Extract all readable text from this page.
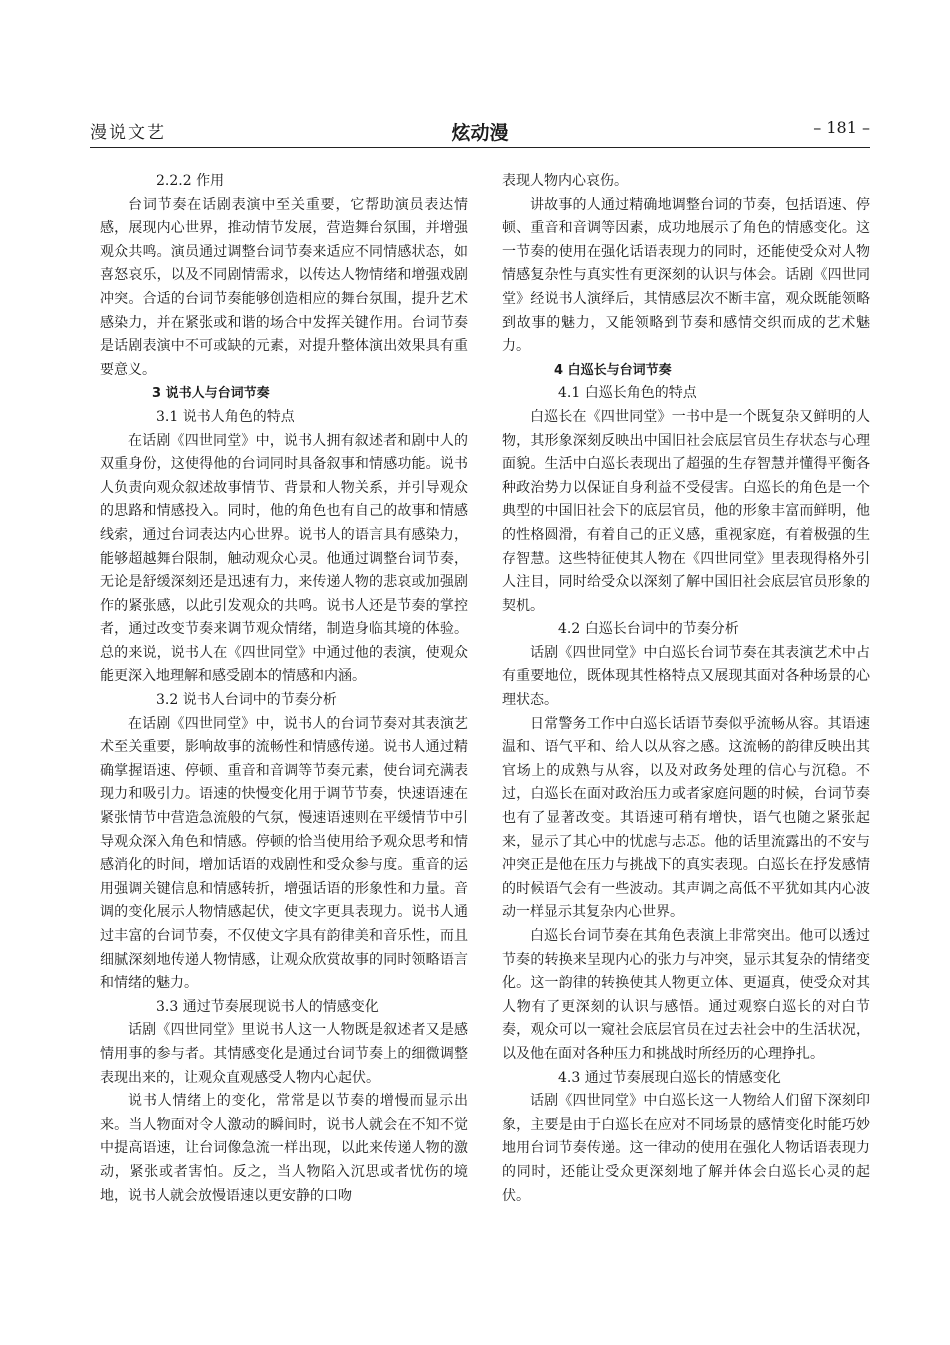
漫说文艺	炫动漫	– 181 –

2.2.2 作用

台词节奏在话剧表演中至关重要，它帮助演员表达情感，展现内心世界，推动情节发展，营造舞台氛围，并增强观众共鸣。演员通过调整台词节奏来适应不同情感状态，如喜怒哀乐，以及不同剧情需求，以传达人物情绪和增强戏剧冲突。合适的台词节奏能够创造相应的舞台氛围，提升艺术感染力，并在紧张或和谐的场合中发挥关键作用。台词节奏是话剧表演中不可或缺的元素，对提升整体演出效果具有重要意义。

3 说书人与台词节奏

3.1 说书人角色的特点

在话剧《四世同堂》中，说书人拥有叙述者和剧中人的双重身份，这使得他的台词同时具备叙事和情感功能。说书人负责向观众叙述故事情节、背景和人物关系，并引导观众的思路和情感投入。同时，他的角色也有自己的故事和情感线索，通过台词表达内心世界。说书人的语言具有感染力，能够超越舞台限制，触动观众心灵。他通过调整台词节奏，无论是舒缓深刻还是迅速有力，来传递人物的悲哀或加强剧作的紧张感，以此引发观众的共鸣。说书人还是节奏的掌控者，通过改变节奏来调节观众情绪，制造身临其境的体验。总的来说，说书人在《四世同堂》中通过他的表演，使观众能更深入地理解和感受剧本的情感和内涵。

3.2 说书人台词中的节奏分析

在话剧《四世同堂》中，说书人的台词节奏对其表演艺术至关重要，影响故事的流畅性和情感传递。说书人通过精确掌握语速、停顿、重音和音调等节奏元素，使台词充满表现力和吸引力。语速的快慢变化用于调节节奏，快速语速在紧张情节中营造急流般的气氛，慢速语速则在平缓情节中引导观众深入角色和情感。停顿的恰当使用给予观众思考和情感消化的时间，增加话语的戏剧性和受众参与度。重音的运用强调关键信息和情感转折，增强话语的形象性和力量。音调的变化展示人物情感起伏，使文字更具表现力。说书人通过丰富的台词节奏，不仅使文字具有韵律美和音乐性，而且细腻深刻地传递人物情感，让观众欣赏故事的同时领略语言和情绪的魅力。

3.3 通过节奏展现说书人的情感变化

话剧《四世同堂》里说书人这一人物既是叙述者又是感情用事的参与者。其情感变化是通过台词节奏上的细微调整表现出来的，让观众直观感受人物内心起伏。

说书人情绪上的变化，常常是以节奏的增慢而显示出来。当人物面对令人激动的瞬间时，说书人就会在不知不觉中提高语速，让台词像急流一样出现，以此来传递人物的激动，紧张或者害怕。反之，当人物陷入沉思或者忧伤的境地，说书人就会放慢语速以更安静的口吻

表现人物内心哀伤。

讲故事的人通过精确地调整台词的节奏，包括语速、停顿、重音和音调等因素，成功地展示了角色的情感变化。这一节奏的使用在强化话语表现力的同时，还能使受众对人物情感复杂性与真实性有更深刻的认识与体会。话剧《四世同堂》经说书人演绎后，其情感层次不断丰富，观众既能领略到故事的魅力，又能领略到节奏和感情交织而成的艺术魅力。

4 白巡长与台词节奏

4.1 白巡长角色的特点

白巡长在《四世同堂》一书中是一个既复杂又鲜明的人物，其形象深刻反映出中国旧社会底层官员生存状态与心理面貌。生活中白巡长表现出了超强的生存智慧并懂得平衡各种政治势力以保证自身利益不受侵害。白巡长的角色是一个典型的中国旧社会下的底层官员，他的形象丰富而鲜明，他的性格圆滑，有着自己的正义感，重视家庭，有着极强的生存智慧。这些特征使其人物在《四世同堂》里表现得格外引人注目，同时给受众以深刻了解中国旧社会底层官员形象的契机。

4.2 白巡长台词中的节奏分析

话剧《四世同堂》中白巡长台词节奏在其表演艺术中占有重要地位，既体现其性格特点又展现其面对各种场景的心理状态。

日常警务工作中白巡长话语节奏似乎流畅从容。其语速温和、语气平和、给人以从容之感。这流畅的韵律反映出其官场上的成熟与从容，以及对政务处理的信心与沉稳。不过，白巡长在面对政治压力或者家庭问题的时候，台词节奏也有了显著改变。其语速可稍有增快，语气也随之紧张起来，显示了其心中的忧虑与忐忑。他的话里流露出的不安与冲突正是他在压力与挑战下的真实表现。白巡长在抒发感情的时候语气会有一些波动。其声调之高低不平犹如其内心波动一样显示其复杂内心世界。

白巡长台词节奏在其角色表演上非常突出。他可以透过节奏的转换来呈现内心的张力与冲突，显示其复杂的情绪变化。这一韵律的转换使其人物更立体、更逼真，使受众对其人物有了更深刻的认识与感悟。通过观察白巡长的对白节奏，观众可以一窥社会底层官员在过去社会中的生活状况，以及他在面对各种压力和挑战时所经历的心理挣扎。

4.3 通过节奏展现白巡长的情感变化

话剧《四世同堂》中白巡长这一人物给人们留下深刻印象，主要是由于白巡长在应对不同场景的感情变化时能巧妙地用台词节奏传递。这一律动的使用在强化人物话语表现力的同时，还能让受众更深刻地了解并体会白巡长心灵的起伏。
